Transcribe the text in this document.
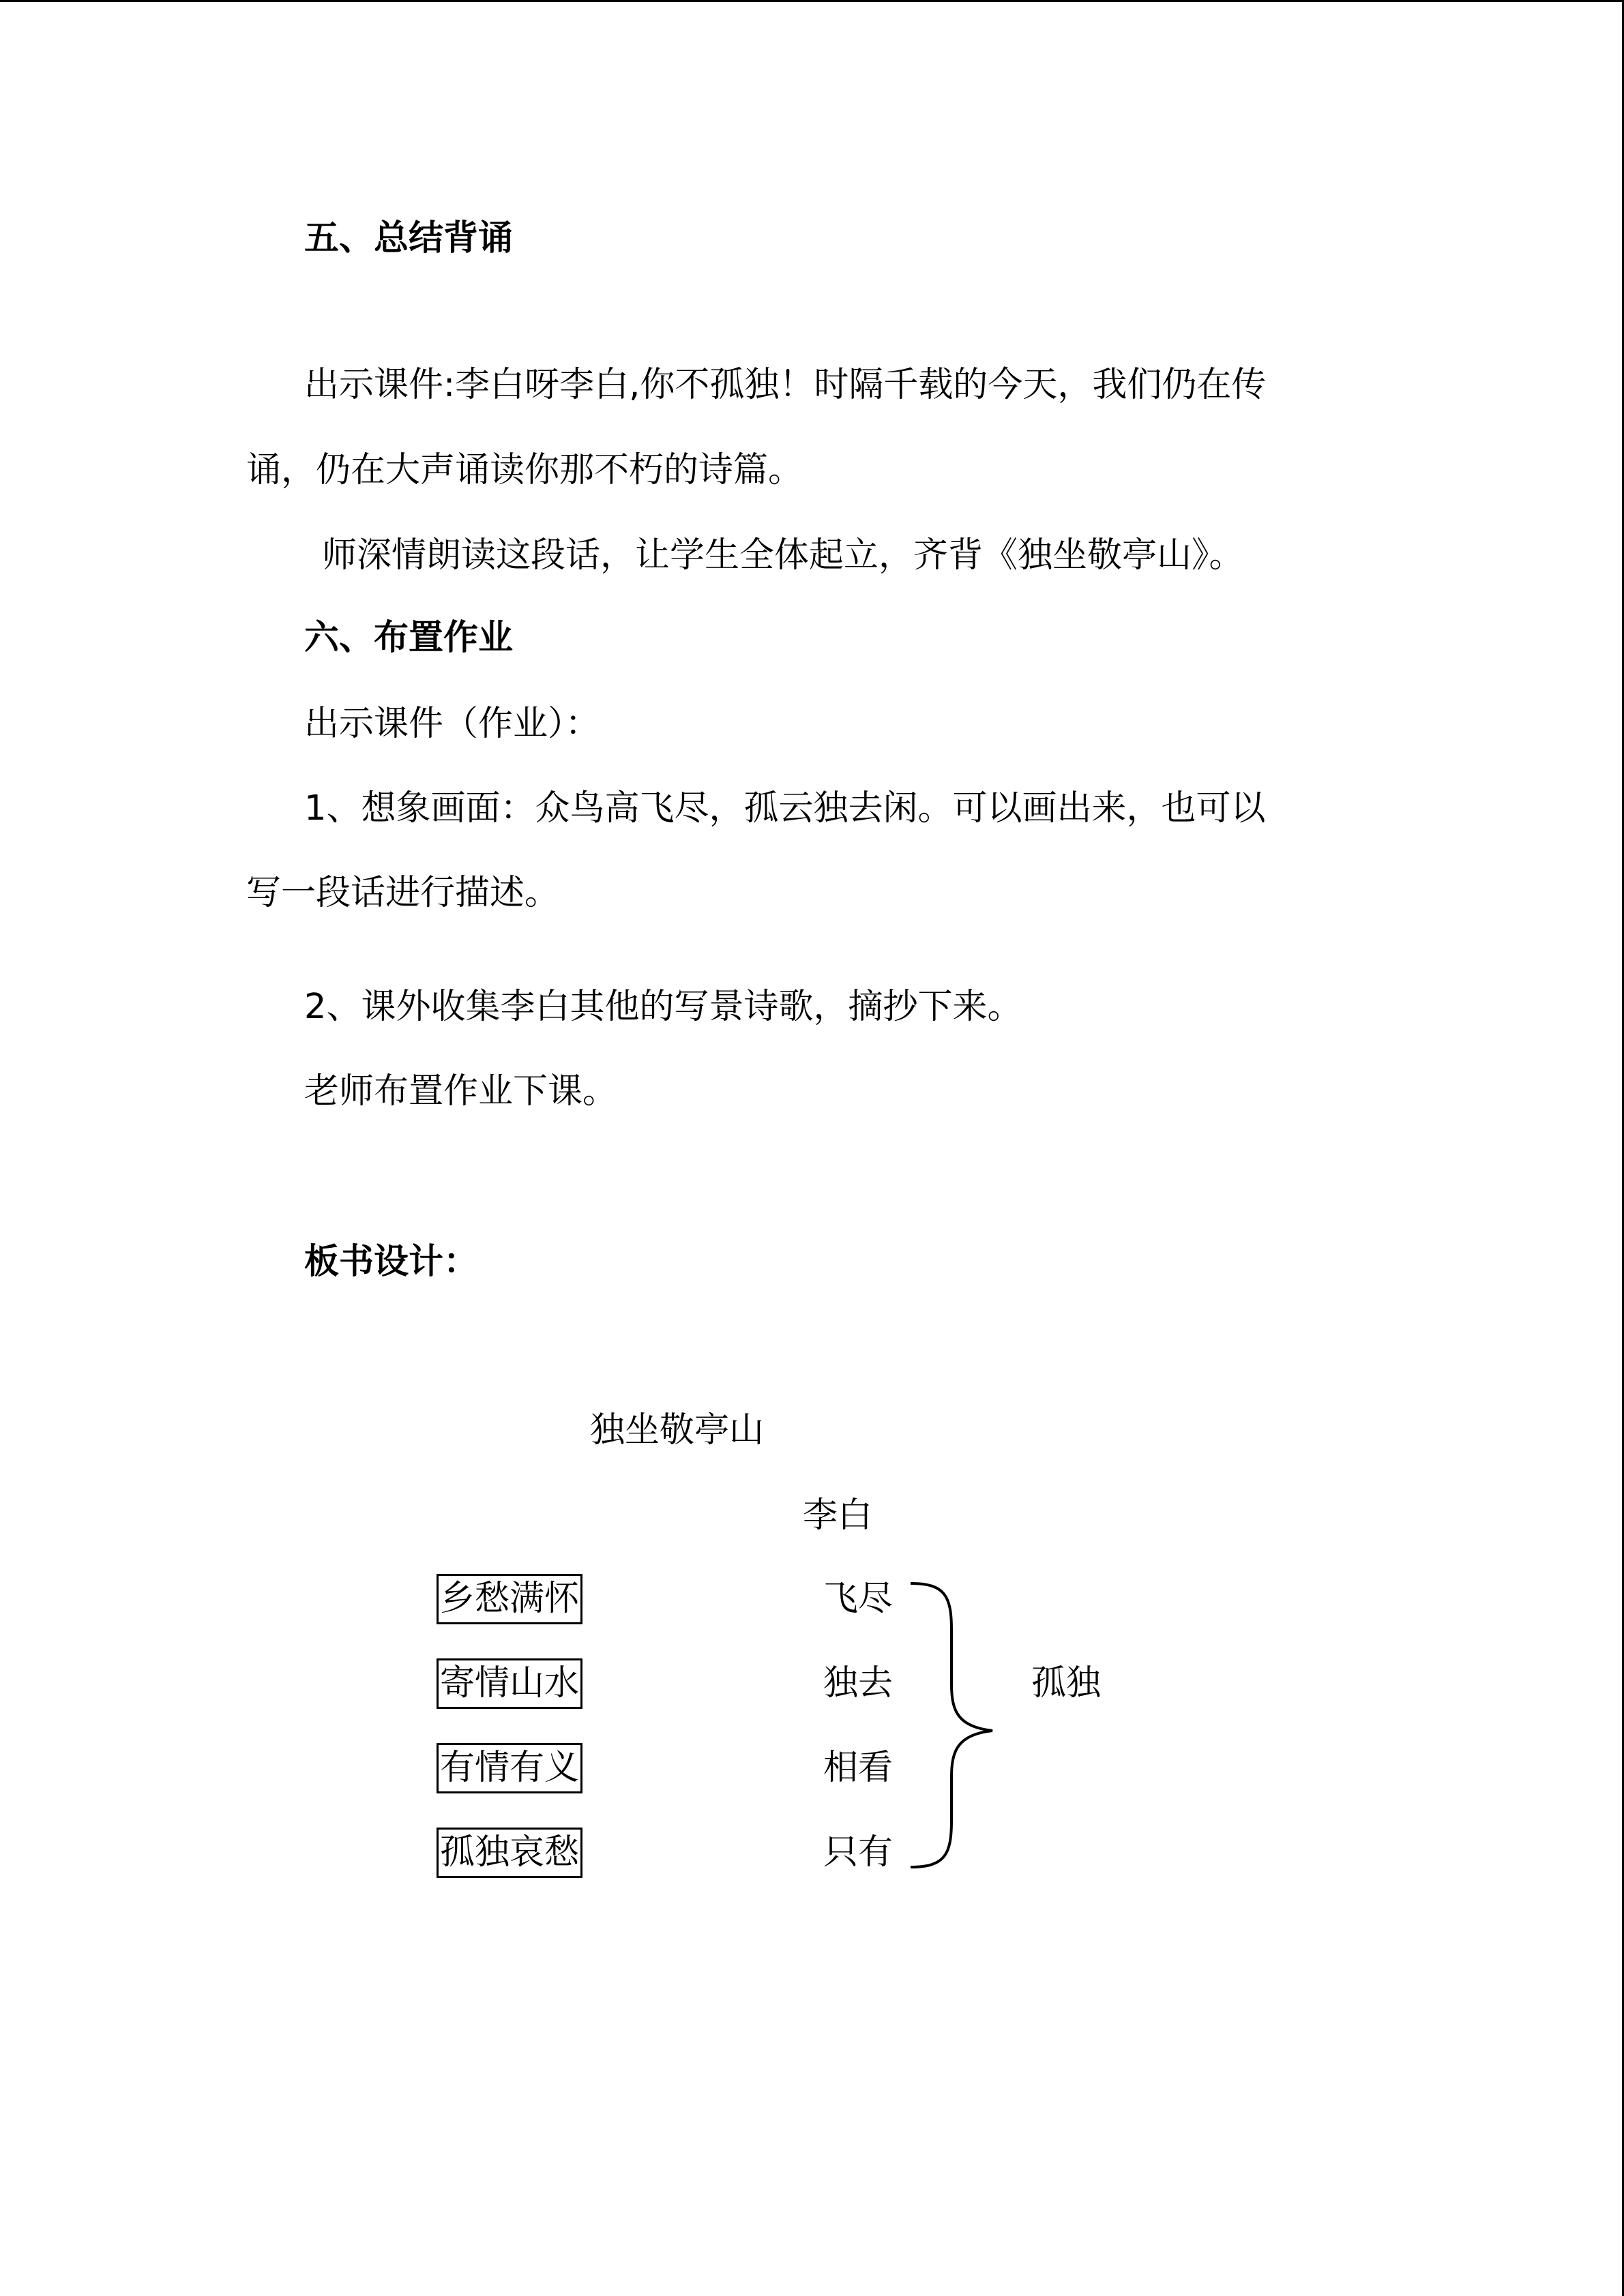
五、总结背诵
出示课件:李白呀李白,你不孤独！时隔千载的今天，我们仍在传
诵，仍在大声诵读你那不朽的诗篇。
师深情朗读这段话，让学生全体起立，齐背《独坐敬亭山》。
六、布置作业
出示课件（作业）：
1、想象画面：众鸟高飞尽，孤云独去闲。可以画出来，也可以
写一段话进行描述。
2、课外收集李白其他的写景诗歌，摘抄下来。
老师布置作业下课。
板书设计：
独坐敬亭山
李白
乡愁满怀
寄情山水
有情有义
孤独哀愁
飞尽
独去
相看
只有
孤独
